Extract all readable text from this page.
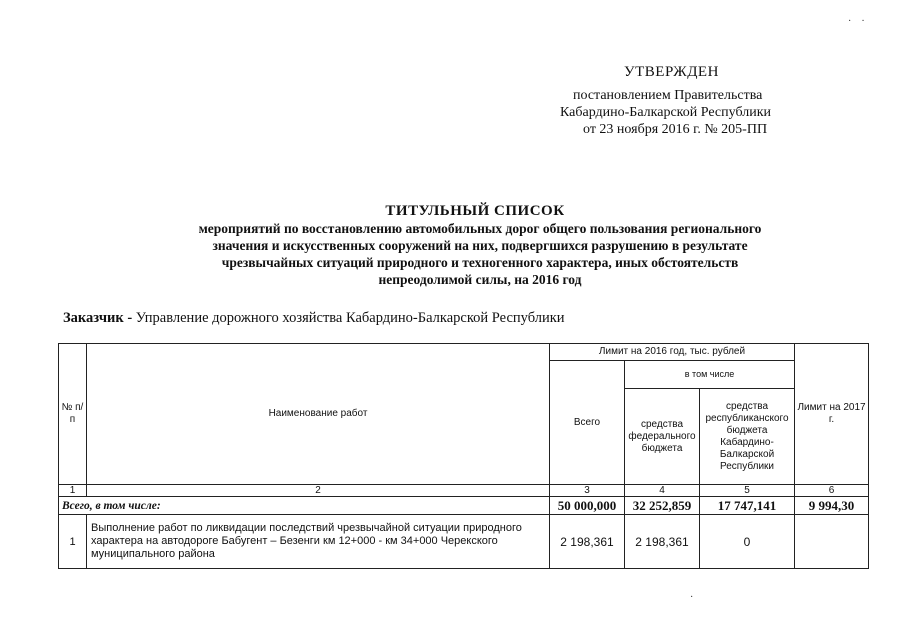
УТВЕРЖДЕН
постановлением Правительства
Кабардино-Балкарской Республики
от 23 ноября 2016 г. № 205-ПП
ТИТУЛЬНЫЙ СПИСОК
мероприятий по восстановлению автомобильных дорог общего пользования регионального
значения и искусственных сооружений на них, подвергшихся разрушению в результате
чрезвычайных ситуаций природного и техногенного характера, иных обстоятельств
непреодолимой силы, на 2016 год
Заказчик - Управление дорожного хозяйства Кабардино-Балкарской Республики
№ п/п	Наименование работ	Лимит на 2016 год, тыс. рублей			Лимит на 2017 г.
		Всего	в том числе		
			средства федерального бюджета	средства республиканского бюджета Кабардино-Балкарской Республики	
1	2	3	4	5	6
Всего, в том числе:		50 000,000	32 252,859	17 747,141	9 994,30
1	Выполнение работ по ликвидации последствий чрезвычайной ситуации природного характера на автодороге Бабугент – Безенги км 12+000 - км 34+000 Черекского муниципального района	2 198,361	2 198,361	0	
·    ·
·
